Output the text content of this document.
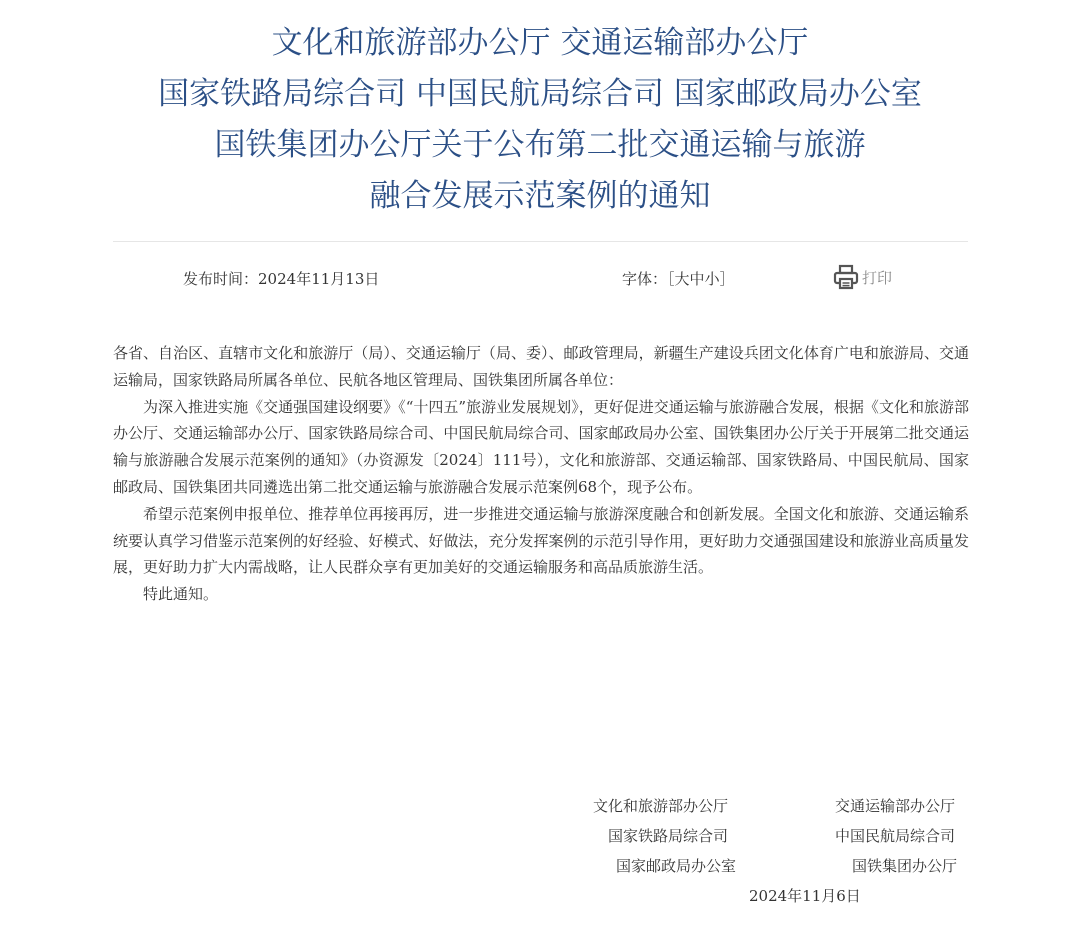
文化和旅游部办公厅 交通运输部办公厅
国家铁路局综合司 中国民航局综合司 国家邮政局办公室
国铁集团办公厅关于公布第二批交通运输与旅游
融合发展示范案例的通知
发布时间：2024年11月13日	字体：［大中小］	打印

各省、自治区、直辖市文化和旅游厅（局）、交通运输厅（局、委）、邮政管理局，新疆生产建设兵团文化体育广电和旅游局、交通运输局，国家铁路局所属各单位、民航各地区管理局、国铁集团所属各单位：

为深入推进实施《交通强国建设纲要》《“十四五”旅游业发展规划》，更好促进交通运输与旅游融合发展，根据《文化和旅游部办公厅、交通运输部办公厅、国家铁路局综合司、中国民航局综合司、国家邮政局办公室、国铁集团办公厅关于开展第二批交通运输与旅游融合发展示范案例的通知》（办资源发〔2024〕111号），文化和旅游部、交通运输部、国家铁路局、中国民航局、国家邮政局、国铁集团共同遴选出第二批交通运输与旅游融合发展示范案例68个，现予公布。

希望示范案例申报单位、推荐单位再接再厉，进一步推进交通运输与旅游深度融合和创新发展。全国文化和旅游、交通运输系统要认真学习借鉴示范案例的好经验、好模式、好做法，充分发挥案例的示范引导作用，更好助力交通强国建设和旅游业高质量发展，更好助力扩大内需战略，让人民群众享有更加美好的交通运输服务和高品质旅游生活。

特此通知。

文化和旅游部办公厅	交通运输部办公厅
国家铁路局综合司	中国民航局综合司
国家邮政局办公室	国铁集团办公厅
2024年11月6日
